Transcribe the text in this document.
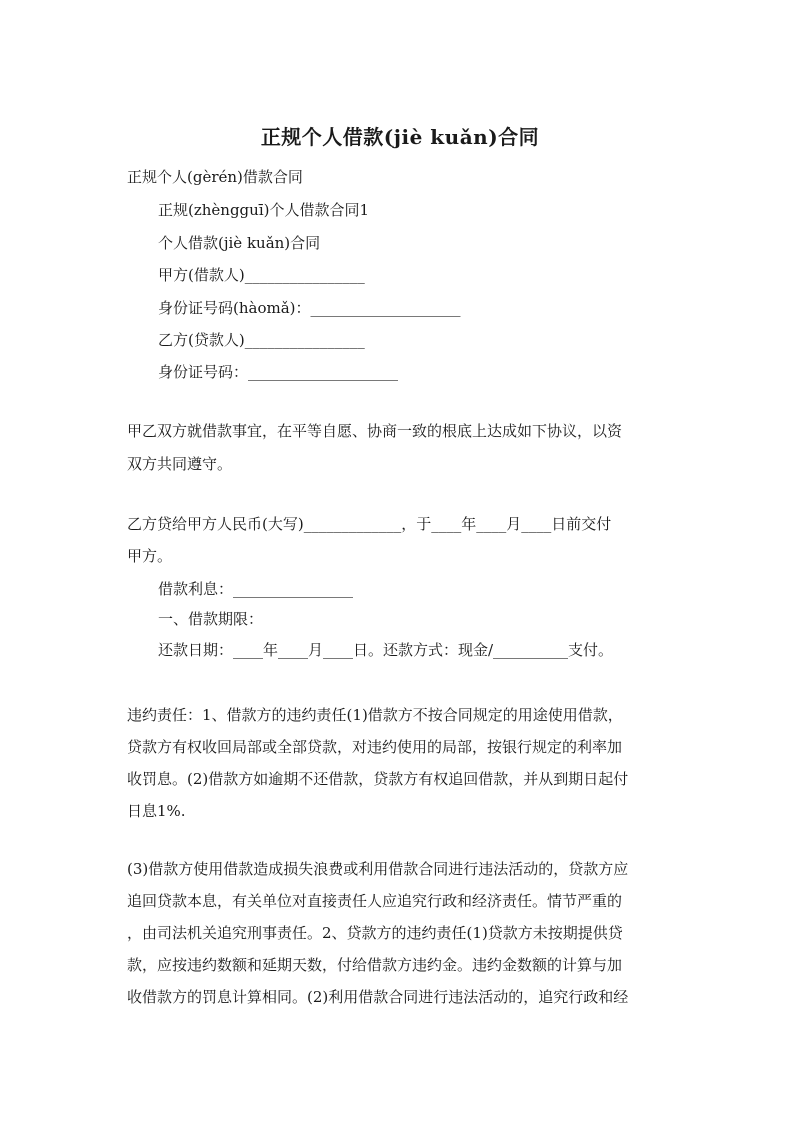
正规个人借款(jiè kuǎn)合同
正规个人(gèrén)借款合同
正规(zhèngguī)个人借款合同1
个人借款(jiè kuǎn)合同
甲方(借款人)________________
身份证号码(hàomǎ)：____________________
乙方(贷款人)________________
身份证号码：____________________
甲乙双方就借款事宜，在平等自愿、协商一致的根底上达成如下协议，以资
双方共同遵守。
乙方贷给甲方人民币(大写)_____________，于____年____月____日前交付
甲方。
借款利息：________________
一、借款期限：
还款日期：____年____月____日。还款方式：现金/__________支付。
违约责任：1、借款方的违约责任(1)借款方不按合同规定的用途使用借款，
贷款方有权收回局部或全部贷款，对违约使用的局部，按银行规定的利率加
收罚息。(2)借款方如逾期不还借款，贷款方有权追回借款，并从到期日起付
日息1%.
(3)借款方使用借款造成损失浪费或利用借款合同进行违法活动的，贷款方应
追回贷款本息，有关单位对直接责任人应追究行政和经济责任。情节严重的
，由司法机关追究刑事责任。2、贷款方的违约责任(1)贷款方未按期提供贷
款，应按违约数额和延期天数，付给借款方违约金。违约金数额的计算与加
收借款方的罚息计算相同。(2)利用借款合同进行违法活动的，追究行政和经
